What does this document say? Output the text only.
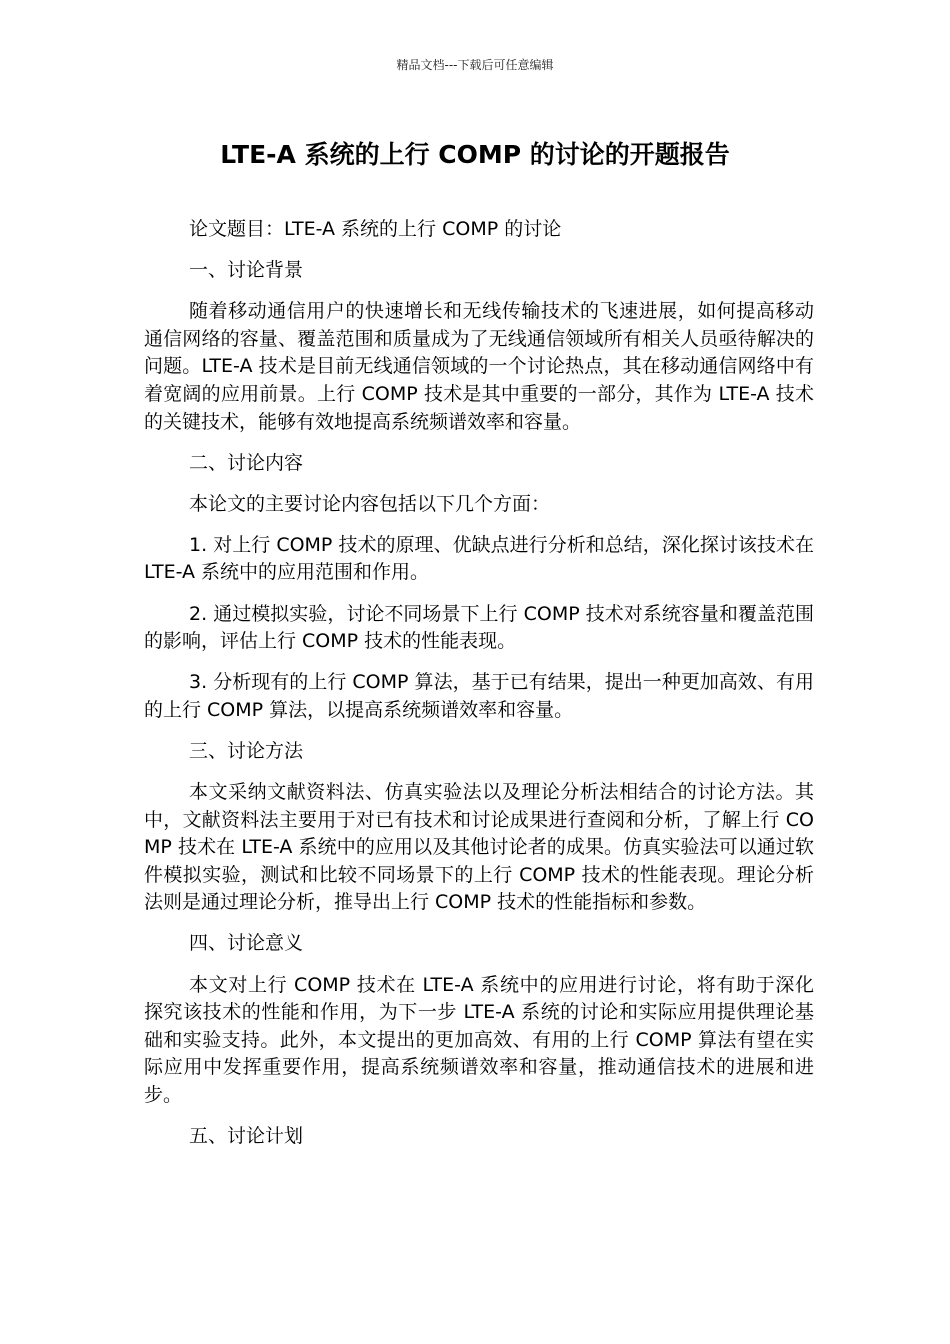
精品文档---下载后可任意编辑
LTE-A 系统的上行 COMP 的讨论的开题报告

论文题目：LTE-A 系统的上行 COMP 的讨论

一、讨论背景

随着移动通信用户的快速增长和无线传输技术的飞速进展，如何提高移动通信网络的容量、覆盖范围和质量成为了无线通信领域所有相关人员亟待解决的问题。LTE-A 技术是目前无线通信领域的一个讨论热点，其在移动通信网络中有着宽阔的应用前景。上行 COMP 技术是其中重要的一部分，其作为 LTE-A 技术的关键技术，能够有效地提高系统频谱效率和容量。

二、讨论内容

本论文的主要讨论内容包括以下几个方面：

1. 对上行 COMP 技术的原理、优缺点进行分析和总结，深化探讨该技术在 LTE-A 系统中的应用范围和作用。

2. 通过模拟实验，讨论不同场景下上行 COMP 技术对系统容量和覆盖范围的影响，评估上行 COMP 技术的性能表现。

3. 分析现有的上行 COMP 算法，基于已有结果，提出一种更加高效、有用的上行 COMP 算法，以提高系统频谱效率和容量。

三、讨论方法

本文采纳文献资料法、仿真实验法以及理论分析法相结合的讨论方法。其中，文献资料法主要用于对已有技术和讨论成果进行查阅和分析，了解上行 COMP 技术在 LTE-A 系统中的应用以及其他讨论者的成果。仿真实验法可以通过软件模拟实验，测试和比较不同场景下的上行 COMP 技术的性能表现。理论分析法则是通过理论分析，推导出上行 COMP 技术的性能指标和参数。

四、讨论意义

本文对上行 COMP 技术在 LTE-A 系统中的应用进行讨论，将有助于深化探究该技术的性能和作用，为下一步 LTE-A 系统的讨论和实际应用提供理论基础和实验支持。此外，本文提出的更加高效、有用的上行 COMP 算法有望在实际应用中发挥重要作用，提高系统频谱效率和容量，推动通信技术的进展和进步。

五、讨论计划
